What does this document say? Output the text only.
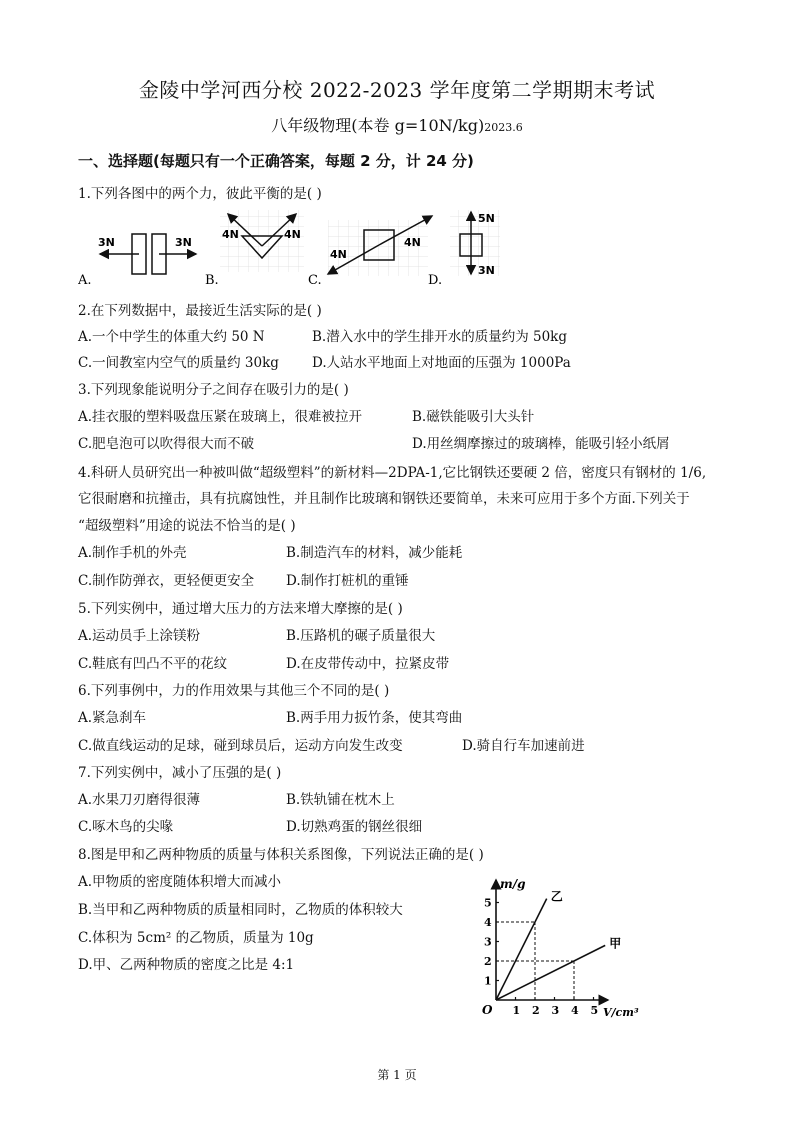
金陵中学河西分校 2022-2023 学年度第二学期期末考试
八年级物理(本卷 g=10N/kg)2023.6
一、选择题(每题只有一个正确答案，每题 2 分，计 24 分)
1.下列各图中的两个力，彼此平衡的是( )
A.
3N	3N
B.
4N	4N
C.
4N
4N
D.
5N
3N
2.在下列数据中，最接近生活实际的是( )
A.一个中学生的体重大约 50 N	B.潜入水中的学生排开水的质量约为 50kg
C.一间教室内空气的质量约 30kg D.人站水平地面上对地面的压强为 1000Pa
3.下列现象能说明分子之间存在吸引力的是( )
A.挂衣服的塑料吸盘压紧在玻璃上，很难被拉开	B.磁铁能吸引大头针
C.肥皂泡可以吹得很大而不破	D.用丝绸摩擦过的玻璃棒，能吸引轻小纸屑
4.科研人员研究出一种被叫做“超级塑料”的新材料—2DPA-1,它比钢铁还要硬 2 倍，密度只有钢材的 1/6,
它很耐磨和抗撞击，具有抗腐蚀性，并且制作比玻璃和钢铁还要简单，未来可应用于多个方面.下列关于
“超级塑料”用途的说法不恰当的是( )
A.制作手机的外壳	B.制造汽车的材料，减少能耗
C.制作防弹衣，更轻便更安全 D.制作打桩机的重锤
5.下列实例中，通过增大压力的方法来增大摩擦的是( )
A.运动员手上涂镁粉	B.压路机的碾子质量很大
C.鞋底有凹凸不平的花纹	D.在皮带传动中，拉紧皮带
6.下列事例中，力的作用效果与其他三个不同的是( )
A.紧急刹车	B.两手用力扳竹条，使其弯曲
C.做直线运动的足球，碰到球员后，运动方向发生改变	D.骑自行车加速前进
7.下列实例中，减小了压强的是( )
A.水果刀刃磨得很薄	B.铁轨铺在枕木上
C.啄木鸟的尖喙	D.切熟鸡蛋的钢丝很细
8.图是甲和乙两种物质的质量与体积关系图像，下列说法正确的是( )
A.甲物质的密度随体积增大而减小
B.当甲和乙两种物质的质量相同时，乙物质的体积较大
C.体积为 5cm² 的乙物质，质量为 10g
D.甲、乙两种物质的密度之比是 4:1
m/g
V/cm³
O 1 2 3 4 5
1
2
3
4
5	乙
甲
第 1 页
